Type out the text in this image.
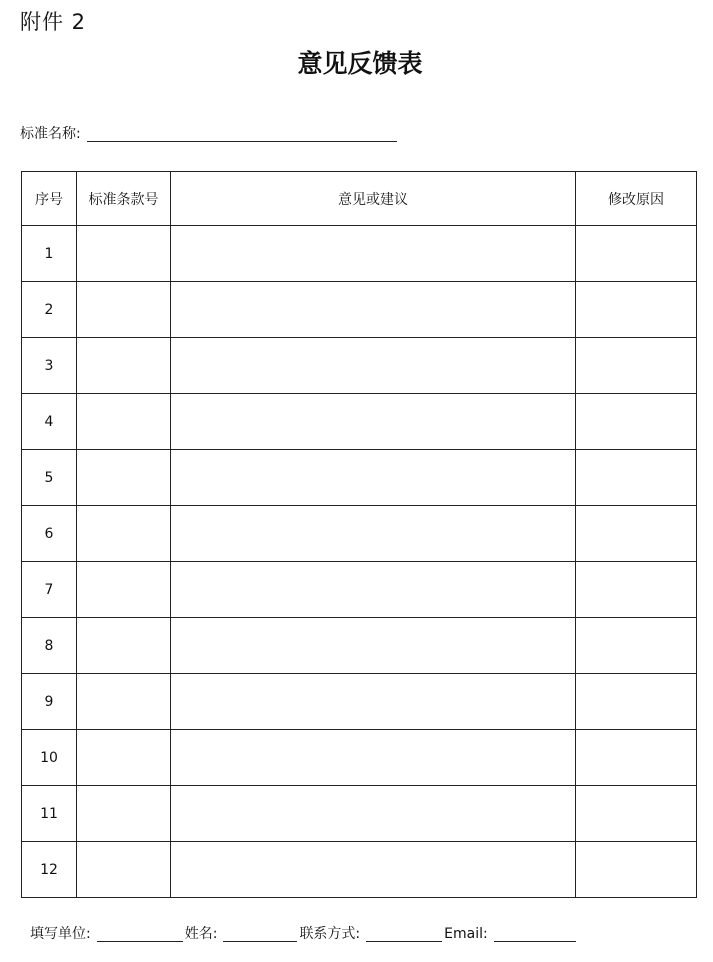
附件 2
意见反馈表
标准名称:
序号	标准条款号	意见或建议	修改原因
1			
2			
3			
4			
5			
6			
7			
8			
9			
10			
11			
12			
填写单位:	姓名:	联系方式:	Email:
